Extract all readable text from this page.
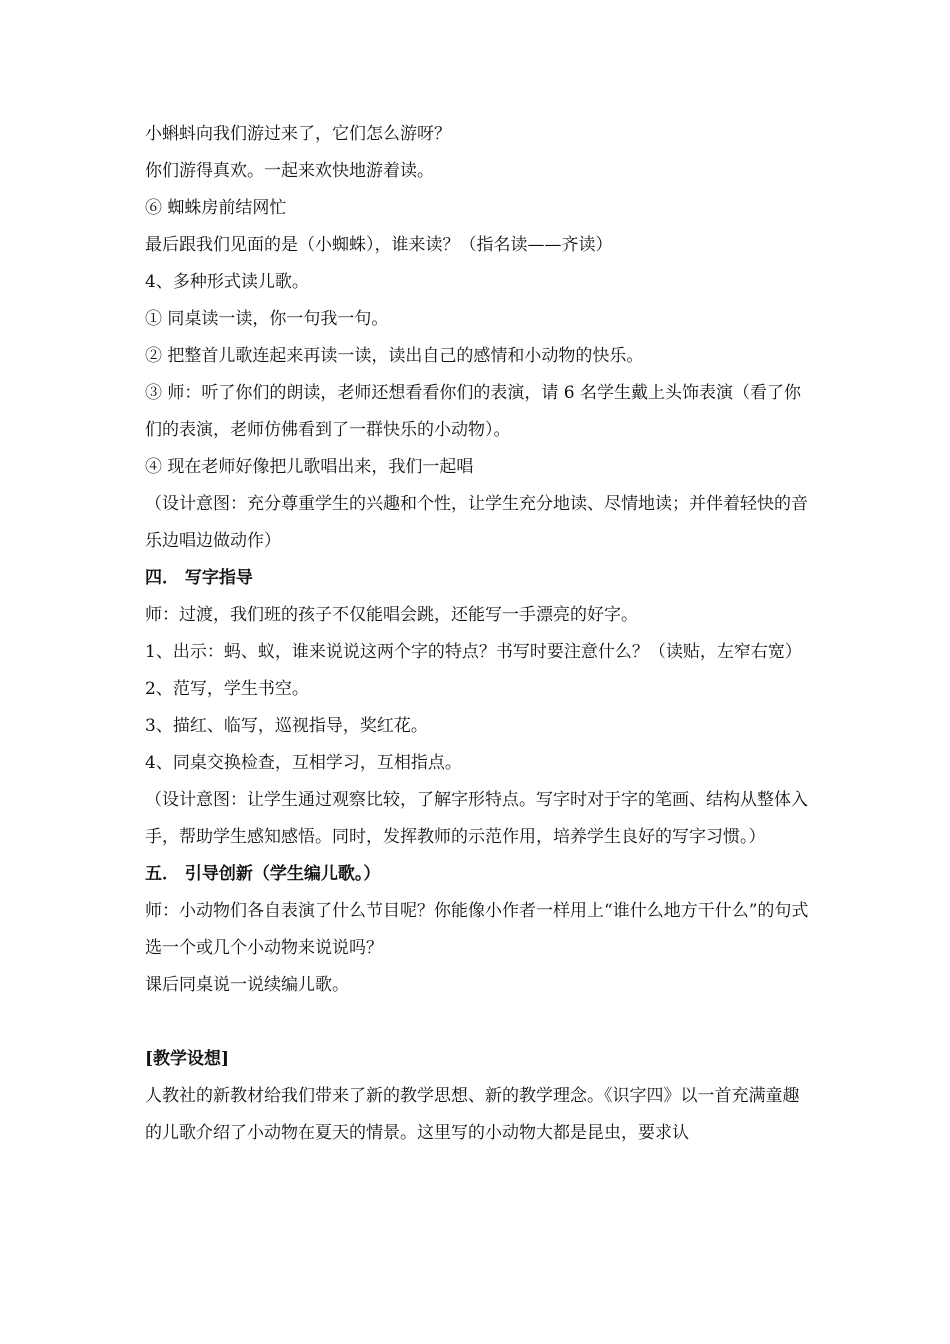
小蝌蚪向我们游过来了，它们怎么游呀？

你们游得真欢。一起来欢快地游着读。

⑥ 蜘蛛房前结网忙

最后跟我们见面的是（小蜘蛛），谁来读？（指名读——齐读）

4、多种形式读儿歌。

① 同桌读一读，你一句我一句。

② 把整首儿歌连起来再读一读，读出自己的感情和小动物的快乐。

③ 师：听了你们的朗读，老师还想看看你们的表演，请 6 名学生戴上头饰表演（看了你们的表演，老师仿佛看到了一群快乐的小动物）。

④ 现在老师好像把儿歌唱出来，我们一起唱

（设计意图：充分尊重学生的兴趣和个性，让学生充分地读、尽情地读；并伴着轻快的音乐边唱边做动作）

四． 写字指导

师：过渡，我们班的孩子不仅能唱会跳，还能写一手漂亮的好字。

1、出示：蚂、蚁，谁来说说这两个字的特点？书写时要注意什么？（读贴，左窄右宽）

2、范写，学生书空。

3、描红、临写，巡视指导，奖红花。

4、同桌交换检查，互相学习，互相指点。

（设计意图：让学生通过观察比较，了解字形特点。写字时对于字的笔画、结构从整体入手，帮助学生感知感悟。同时，发挥教师的示范作用，培养学生良好的写字习惯。）

五． 引导创新（学生编儿歌。）

师：小动物们各自表演了什么节目呢？你能像小作者一样用上“谁什么地方干什么”的句式选一个或几个小动物来说说吗？

课后同桌说一说续编儿歌。

[教学设想]

人教社的新教材给我们带来了新的教学思想、新的教学理念。《识字四》以一首充满童趣的儿歌介绍了小动物在夏天的情景。这里写的小动物大都是昆虫，要求认
